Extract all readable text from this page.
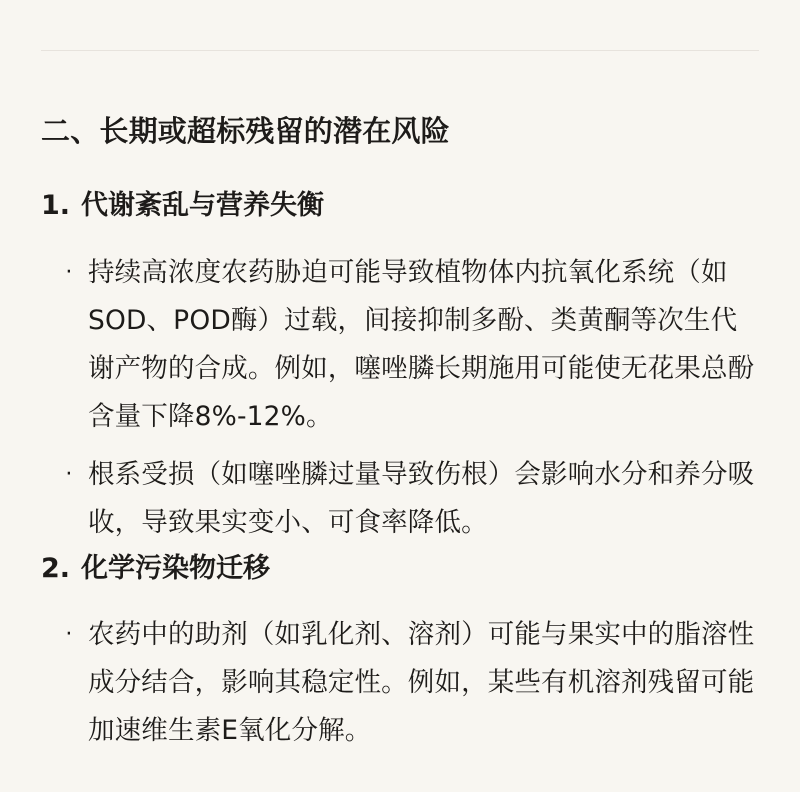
二、长期或超标残留的潜在风险
1. 代谢紊乱与营养失衡
· 持续高浓度农药胁迫可能导致植物体内抗氧化系统（如SOD、POD酶）过载，间接抑制多酚、类黄酮等次生代谢产物的合成。例如，噻唑膦长期施用可能使无花果总酚含量下降8%-12%。
· 根系受损（如噻唑膦过量导致伤根）会影响水分和养分吸收，导致果实变小、可食率降低。
2. 化学污染物迁移
· 农药中的助剂（如乳化剂、溶剂）可能与果实中的脂溶性成分结合，影响其稳定性。例如，某些有机溶剂残留可能加速维生素E氧化分解。
